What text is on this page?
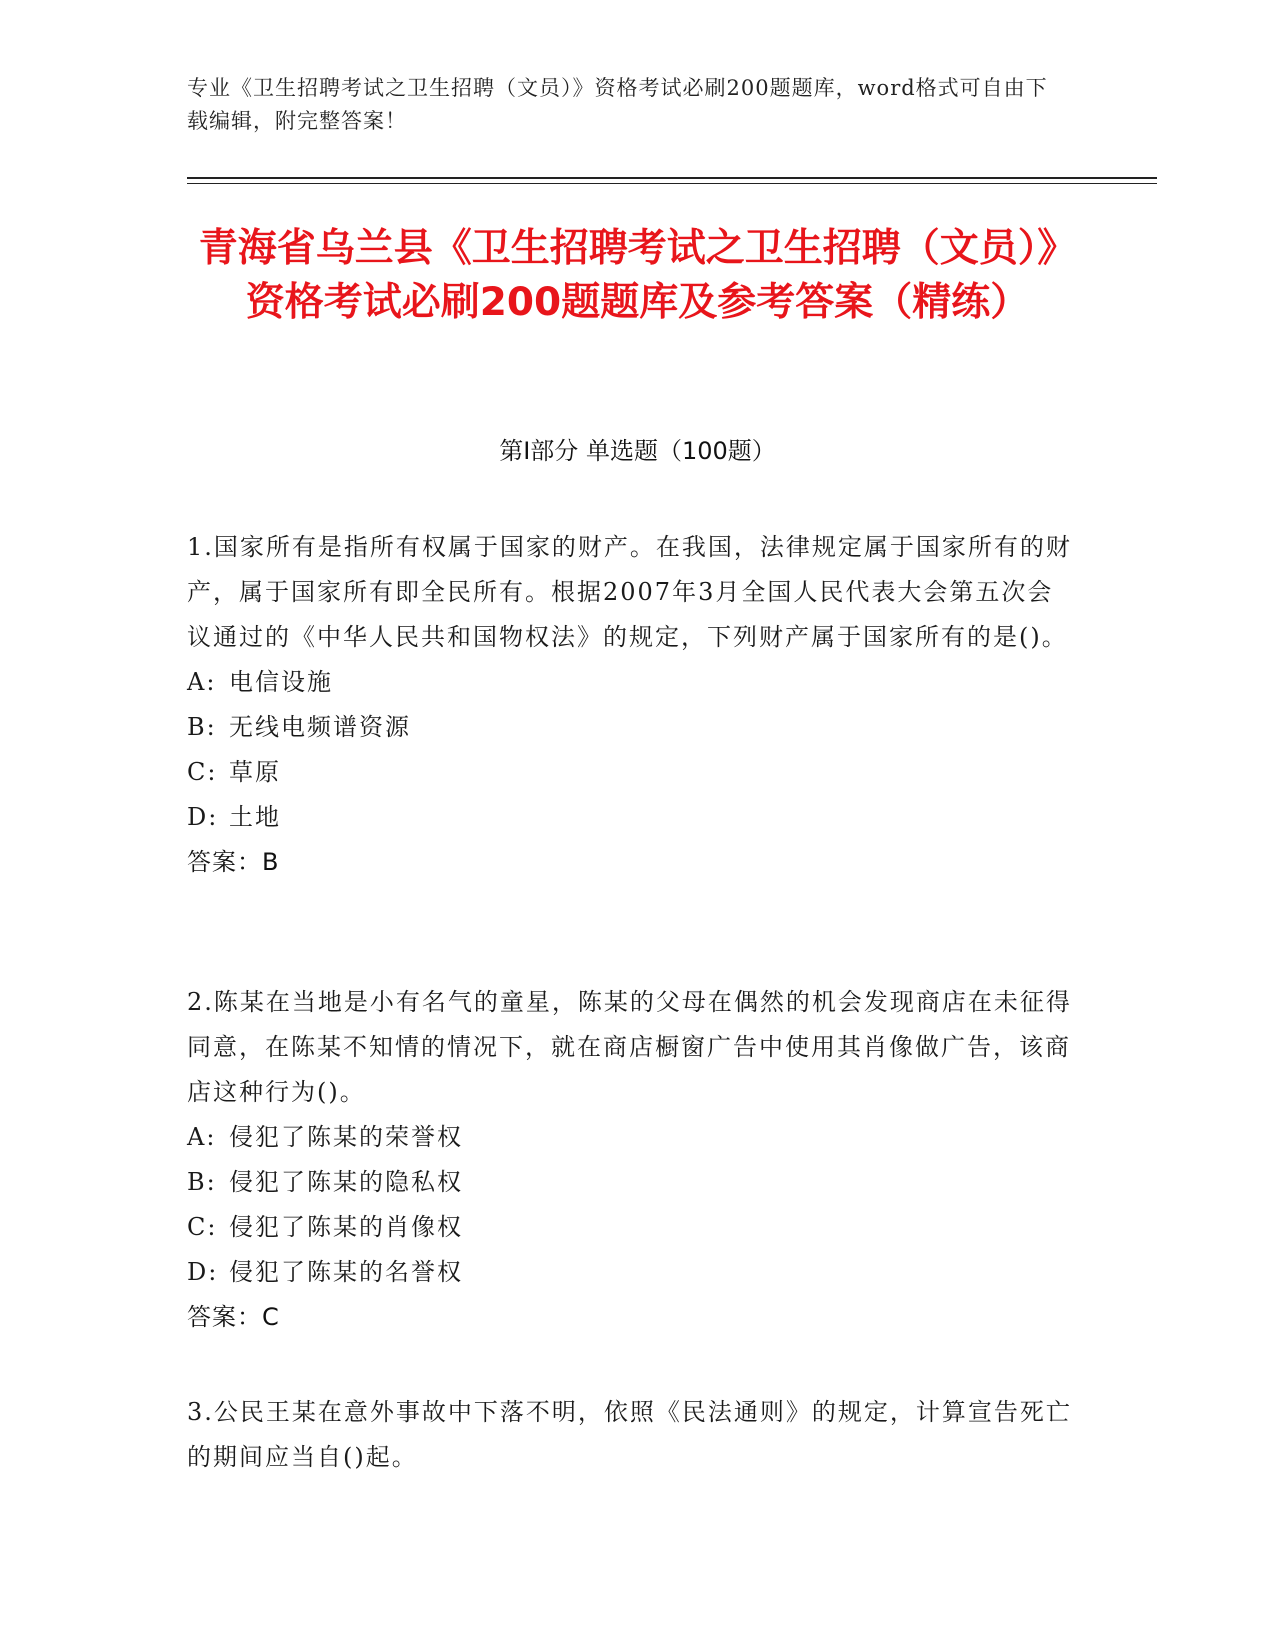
专业《卫生招聘考试之卫生招聘（文员）》资格考试必刷200题题库，word格式可自由下载编辑，附完整答案！
青海省乌兰县《卫生招聘考试之卫生招聘（文员）》资格考试必刷200题题库及参考答案（精练）
第I部分 单选题（100题）
1.国家所有是指所有权属于国家的财产。在我国，法律规定属于国家所有的财产，属于国家所有即全民所有。根据2007年3月全国人民代表大会第五次会议通过的《中华人民共和国物权法》的规定，下列财产属于国家所有的是()。
A: 电信设施
B: 无线电频谱资源
C: 草原
D: 土地
答案：B
2.陈某在当地是小有名气的童星，陈某的父母在偶然的机会发现商店在未征得同意，在陈某不知情的情况下，就在商店橱窗广告中使用其肖像做广告，该商店这种行为()。
A: 侵犯了陈某的荣誉权
B: 侵犯了陈某的隐私权
C: 侵犯了陈某的肖像权
D: 侵犯了陈某的名誉权
答案：C
3.公民王某在意外事故中下落不明，依照《民法通则》的规定，计算宣告死亡的期间应当自()起。
